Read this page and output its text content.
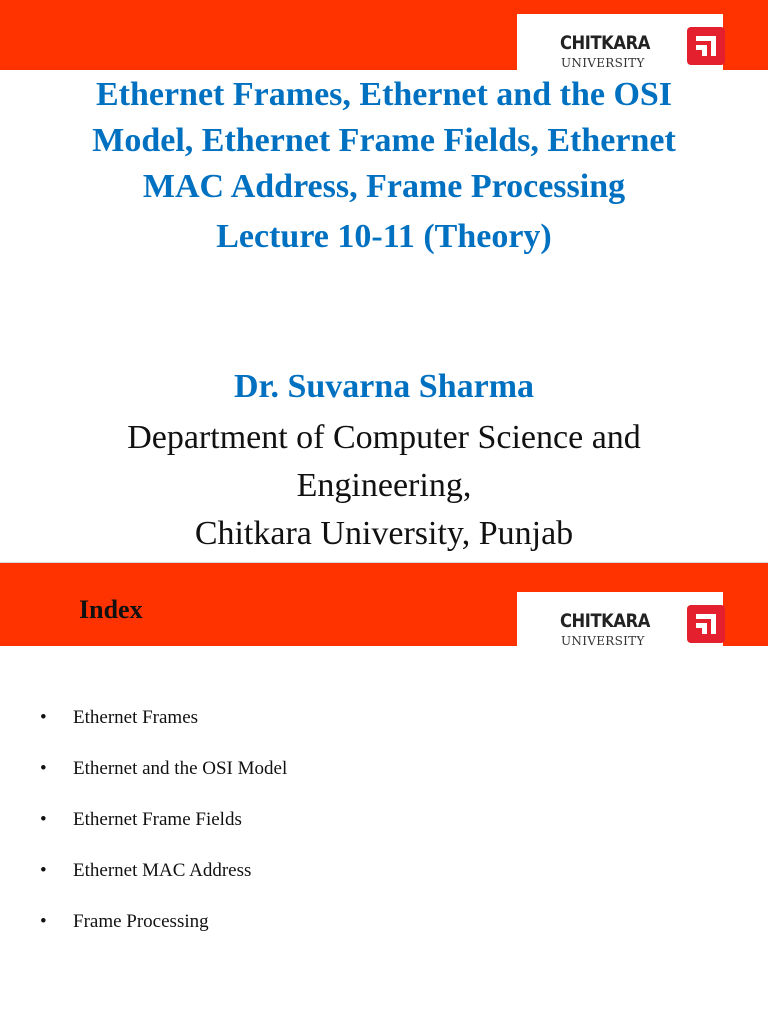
CHITKARA
UNIVERSITY
Ethernet Frames, Ethernet and the OSI
Model, Ethernet Frame Fields, Ethernet
MAC Address, Frame Processing
Lecture 10-11 (Theory)
Dr. Suvarna Sharma
Department of Computer Science and
Engineering,
Chitkara University, Punjab
Index	CHITKARA
UNIVERSITY
• Ethernet Frames
• Ethernet and the OSI Model
• Ethernet Frame Fields
• Ethernet MAC Address
• Frame Processing
